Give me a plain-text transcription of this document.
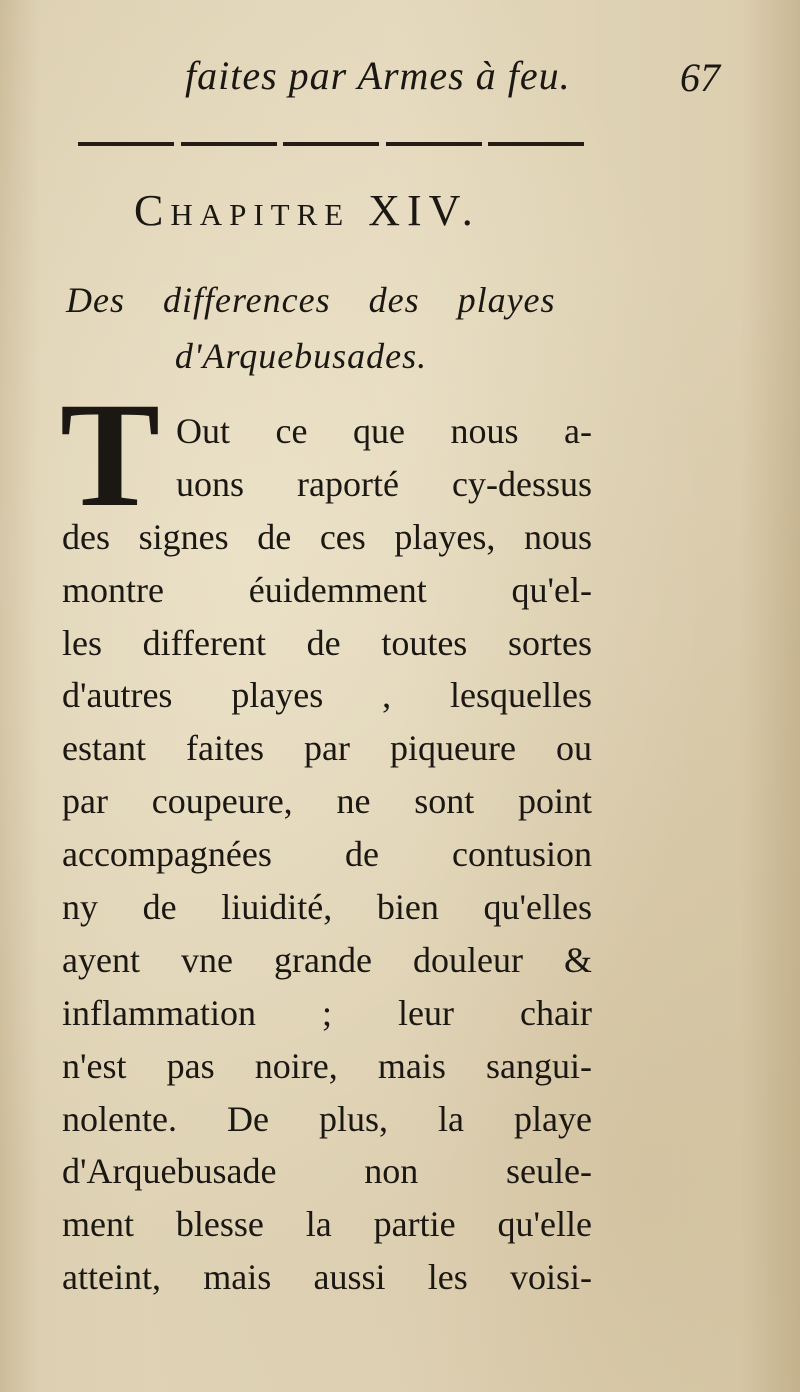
faites par Armes à feu.	67
Chapitre XIV.
Des differences des playes
d'Arquebusades.
T Out ce que nous a-
uons raporté cy-dessus
des signes de ces playes, nous
montre éuidemment qu'el-
les different de toutes sortes
d'autres playes , lesquelles
estant faites par piqueure ou
par coupeure, ne sont point
accompagnées de contusion
ny de liuidité, bien qu'elles
ayent vne grande douleur &
inflammation ; leur chair
n'est pas noire, mais sangui-
nolente. De plus, la playe
d'Arquebusade non seule-
ment blesse la partie qu'elle
atteint, mais aussi les voisi-
